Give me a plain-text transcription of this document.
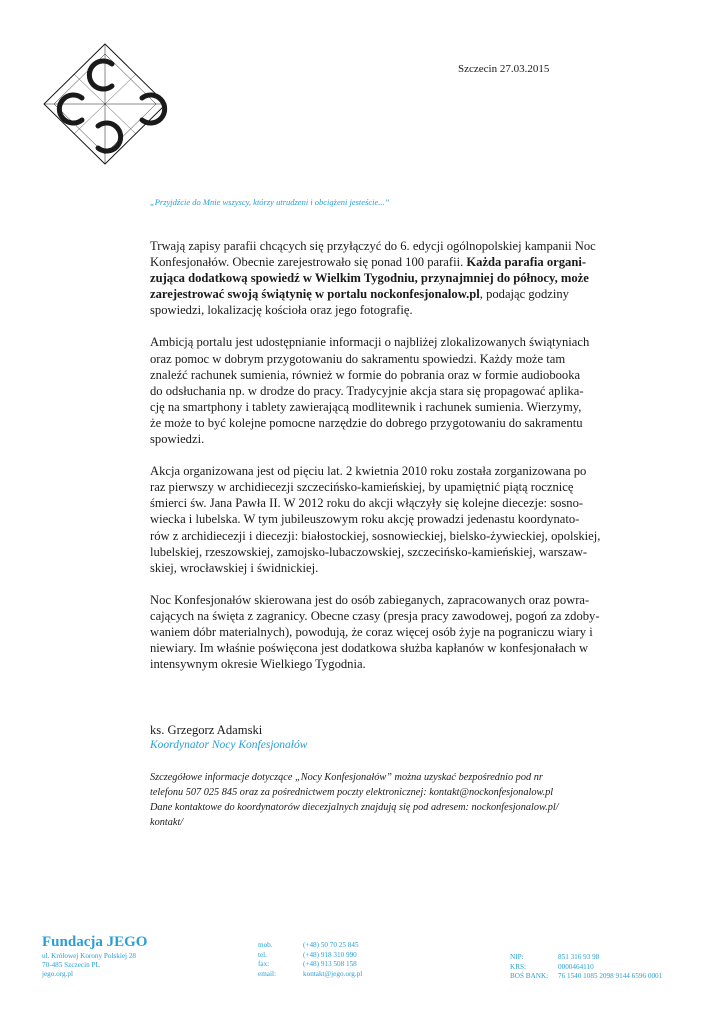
Szczecin 27.03.2015
„Przyjdźcie do Mnie wszyscy, którzy utrudzeni i obciążeni jesteście...”

Trwają zapisy parafii chcących się przyłączyć do 6. edycji ogólnopolskiej kampanii Noc
Konfesjonałów. Obecnie zarejestrowało się ponad 100 parafii. Każda parafia organi-
zująca dodatkową spowiedź w Wielkim Tygodniu, przynajmniej do północy, może
zarejestrować swoją świątynię w portalu nockonfesjonalow.pl, podając godziny
spowiedzi, lokalizację kościoła oraz jego fotografię.

Ambicją portalu jest udostępnianie informacji o najbliżej zlokalizowanych świątyniach
oraz pomoc w dobrym przygotowaniu do sakramentu spowiedzi. Każdy może tam
znaleźć rachunek sumienia, również w formie do pobrania oraz w formie audiobooka
do odsłuchania np. w drodze do pracy. Tradycyjnie akcja stara się propagować aplika-
cję na smartphony i tablety zawierającą modlitewnik i rachunek sumienia. Wierzymy,
że może to być kolejne pomocne narzędzie do dobrego przygotowaniu do sakramentu
spowiedzi.

Akcja organizowana jest od pięciu lat. 2 kwietnia 2010 roku została zorganizowana po
raz pierwszy w archidiecezji szczecińsko-kamieńskiej, by upamiętnić piątą rocznicę
śmierci św. Jana Pawła II. W 2012 roku do akcji włączyły się kolejne diecezje: sosno-
wiecka i lubelska. W tym jubileuszowym roku akcję prowadzi jedenastu koordynato-
rów z archidiecezji i diecezji: białostockiej, sosnowieckiej, bielsko-żywieckiej, opolskiej,
lubelskiej, rzeszowskiej, zamojsko-lubaczowskiej, szczecińsko-kamieńskiej, warszaw-
skiej, wrocławskiej i świdnickiej.

Noc Konfesjonałów skierowana jest do osób zabieganych, zapracowanych oraz powra-
cających na święta z zagranicy. Obecne czasy (presja pracy zawodowej, pogoń za zdoby-
waniem dóbr materialnych), powodują, że coraz więcej osób żyje na pograniczu wiary i
niewiary. Im właśnie poświęcona jest dodatkowa służba kapłanów w konfesjonałach w
intensywnym okresie Wielkiego Tygodnia.

ks. Grzegorz Adamski
Koordynator Nocy Konfesjonałów
Szczegółowe informacje dotyczące „Nocy Konfesjonałów” można uzyskać bezpośrednio pod nr
telefonu 507 025 845 oraz za pośrednictwem poczty elektronicznej: kontakt@nockonfesjonalow.pl
Dane kontaktowe do koordynatorów diecezjalnych znajdują się pod adresem: nockonfesjonalow.pl/
kontakt/
Fundacja JEGO
ul. Królowej Korony Polskiej 28
70-485 Szczecin PL
jego.org.pl
mob.	(+48) 50 70 25 845
tel.	(+48) 918 310 990
fax:	(+48) 913 508 158
email:	kontakt@jego.org.pl
NIP:	851 316 93 98
KRS:	0000464110
BOŚ BANK:	76 1540 1085 2098 9144 6596 0001
